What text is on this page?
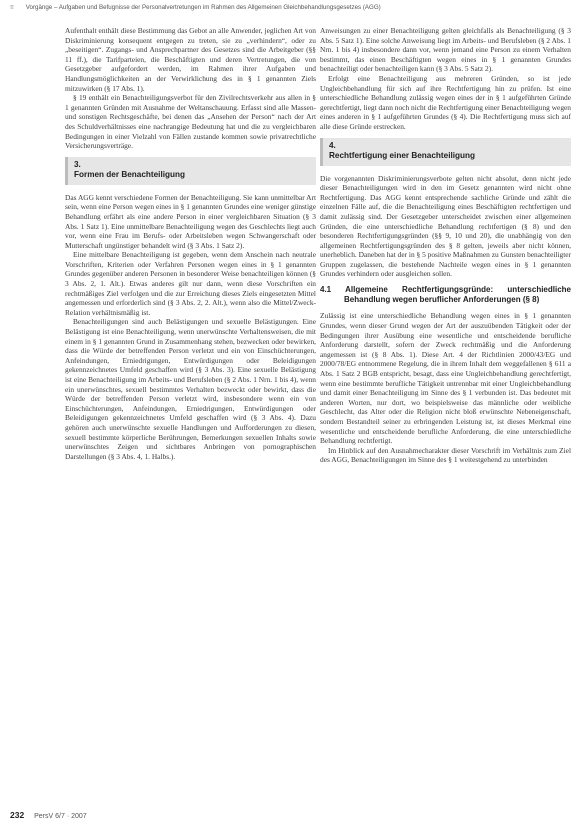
≡ Vorgänge – Aufgaben und Befugnisse der Personalvertretungen im Rahmen des Allgemeinen Gleichbehandlungsgesetzes (AGG)

Aufenthalt enthält diese Bestimmung das Gebot an alle Anwender, jeglichen Art von Diskriminierung konsequent entgegen zu treten, sie zu „verhindern“, oder zu „beseitigen“. Zugangs- und Ansprechpartner des Gesetzes sind die Arbeitgeber (§§ 11 ff.), die Tarifparteien, die Beschäftigten und deren Vertretungen, die von Gesetzgeber aufgefordert werden, im Rahmen ihrer Aufgaben und Handlungsmöglichkeiten an der Verwirklichung des in § 1 genannten Ziels mitzuwirken (§ 17 Abs. 1).

§ 19 enthält ein Benachteiligungsverbot für den Zivilrechtsverkehr aus allen in § 1 genannten Gründen mit Ausnahme der Weltanschauung. Erfasst sind alle Massen- und sonstigen Rechtsgeschäfte, bei denen das „Ansehen der Person“ nach der Art des Schuldverhältnisses eine nachrangige Bedeutung hat und die zu vergleichbaren Bedingungen in einer Vielzahl von Fällen zustande kommen sowie privatrechtliche Versicherungsverträge.

3.
Formen der Benachteiligung

Das AGG kennt verschiedene Formen der Benachteiligung. Sie kann unmittelbar Art sein, wenn eine Person wegen eines in § 1 genannten Grundes eine weniger günstige Behandlung erfährt als eine andere Person in einer vergleichbaren Situation (§ 3 Abs. 1 Satz 1). Eine unmittelbare Benachteiligung wegen des Geschlechts liegt auch vor, wenn eine Frau im Berufs- oder Arbeitsleben wegen Schwangerschaft oder Mutterschaft ungünstiger behandelt wird (§ 3 Abs. 1 Satz 2).

Eine mittelbare Benachteiligung ist gegeben, wenn dem Anschein nach neutrale Vorschriften, Kriterien oder Verfahren Personen wegen eines in § 1 genannten Grundes gegenüber anderen Personen in besonderer Weise benachteiligen können (§ 3 Abs. 2, 1. Alt.). Etwas anderes gilt nur dann, wenn diese Vorschriften ein rechtmäßiges Ziel verfolgen und die zur Erreichung dieses Ziels eingesetzten Mittel angemessen und erforderlich sind (§ 3 Abs. 2, 2. Alt.), wenn also die Mittel/Zweck-Relation verhältnismäßig ist.

Benachteiligungen sind auch Belästigungen und sexuelle Belästigungen. Eine Belästigung ist eine Benachteiligung, wenn unerwünschte Verhaltensweisen, die mit einem in § 1 genannten Grund in Zusammenhang stehen, bezwecken oder bewirken, dass die Würde der betreffenden Person verletzt und ein von Einschüchterungen, Anfeindungen, Erniedrigungen, Entwürdigungen oder Beleidigungen gekennzeichnetes Umfeld geschaffen wird (§ 3 Abs. 3). Eine sexuelle Belästigung ist eine Benachteiligung im Arbeits- und Berufsleben (§ 2 Abs. 1 Nrn. 1 bis 4), wenn ein unerwünschtes, sexuell bestimmtes Verhalten bezweckt oder bewirkt, dass die Würde der betreffenden Person verletzt wird, insbesondere wenn ein von Einschüchterungen, Anfeindungen, Erniedrigungen, Entwürdigungen oder Beleidigungen gekennzeichnetes Umfeld geschaffen wird (§ 3 Abs. 4). Dazu gehören auch unerwünschte sexuelle Handlungen und Aufforderungen zu diesen, sexuell bestimmte körperliche Berührungen, Bemerkungen sexuellen Inhalts sowie unerwünschtes Zeigen und sichtbares Anbringen von pornographischen Darstellungen (§ 3 Abs. 4, 1. Halbs.).

Anweisungen zu einer Benachteiligung gelten gleichfalls als Benachteiligung (§ 3 Abs. 5 Satz 1). Eine solche Anweisung liegt im Arbeits- und Berufsleben (§ 2 Abs. 1 Nrn. 1 bis 4) insbesondere dann vor, wenn jemand eine Person zu einem Verhalten bestimmt, das einen Beschäftigten wegen eines in § 1 genannten Grundes benachteiligt oder benachteiligen kann (§ 3 Abs. 5 Satz 2).

Erfolgt eine Benachteiligung aus mehreren Gründen, so ist jede Ungleichbehandlung für sich auf ihre Rechtfertigung hin zu prüfen. Ist eine unterschiedliche Behandlung zulässig wegen eines der in § 1 aufgeführten Gründe gerechtfertigt, liegt dann noch nicht die Rechtfertigung einer Benachteiligung wegen eines anderen in § 1 aufgeführten Grundes (§ 4). Die Rechtfertigung muss sich auf alle diese Gründe erstrecken.

4.
Rechtfertigung einer Benachteiligung

Die vorgenannten Diskriminierungsverbote gelten nicht absolut, denn nicht jede dieser Benachteiligungen wird in den im Gesetz genannten wird nicht ohne Rechtfertigung. Das AGG kennt entsprechende sachliche Gründe und zählt die einzelnen Fälle auf, die die Benachteiligung eines Beschäftigten rechtfertigen und damit zulässig sind. Der Gesetzgeber unterscheidet zwischen einer allgemeinen Gründen, die eine unterschiedliche Behandlung rechtfertigen (§ 8) und den besonderen Rechtfertigungsgründen (§§ 9, 10 und 20), die unabhängig von den allgemeinen Rechtfertigungsgründen des § 8 gelten, jeweils aber nicht können, unerheblich. Daneben hat der in § 5 positive Maßnahmen zu Gunsten benachteiligter Gruppen zugelassen, die bestehende Nachteile wegen eines in § 1 genannten Grundes verhindern oder ausgleichen sollen.

4.1 Allgemeine Rechtfertigungsgründe: unterschiedliche Behandlung wegen beruflicher Anforderungen (§ 8)

Zulässig ist eine unterschiedliche Behandlung wegen eines in § 1 genannten Grundes, wenn dieser Grund wegen der Art der auszuübenden Tätigkeit oder der Bedingungen ihrer Ausübung eine wesentliche und entscheidende berufliche Anforderung darstellt, sofern der Zweck rechtmäßig und die Anforderung angemessen ist (§ 8 Abs. 1). Diese Art. 4 der Richtlinien 2000/43/EG und 2000/78/EG entnommene Regelung, die in ihrem Inhalt dem weggefallenen § 611 a Abs. 1 Satz 2 BGB entspricht, besagt, dass eine Ungleichbehandlung gerechtfertigt, wenn eine bestimmte berufliche Tätigkeit untrennbar mit einer Ungleichbehandlung und damit einer Benachteiligung im Sinne des § 1 verbunden ist. Das bedeutet mit anderen Worten, nur dort, wo beispielsweise das männliche oder weibliche Geschlecht, das Alter oder die Religion nicht bloß erwünschte Nebeneigenschaft, sondern Bestandteil seiner zu erbringenden Leistung ist, ist dieses Merkmal eine wesentliche und entscheidende berufliche Anforderung, die eine unterschiedliche Behandlung rechtfertigt.

Im Hinblick auf den Ausnahmecharakter dieser Vorschrift im Verhältnis zum Ziel des AGG, Benachteiligungen im Sinne des § 1 weitestgehend zu unterbinden

232 PersV 6/7 · 2007
